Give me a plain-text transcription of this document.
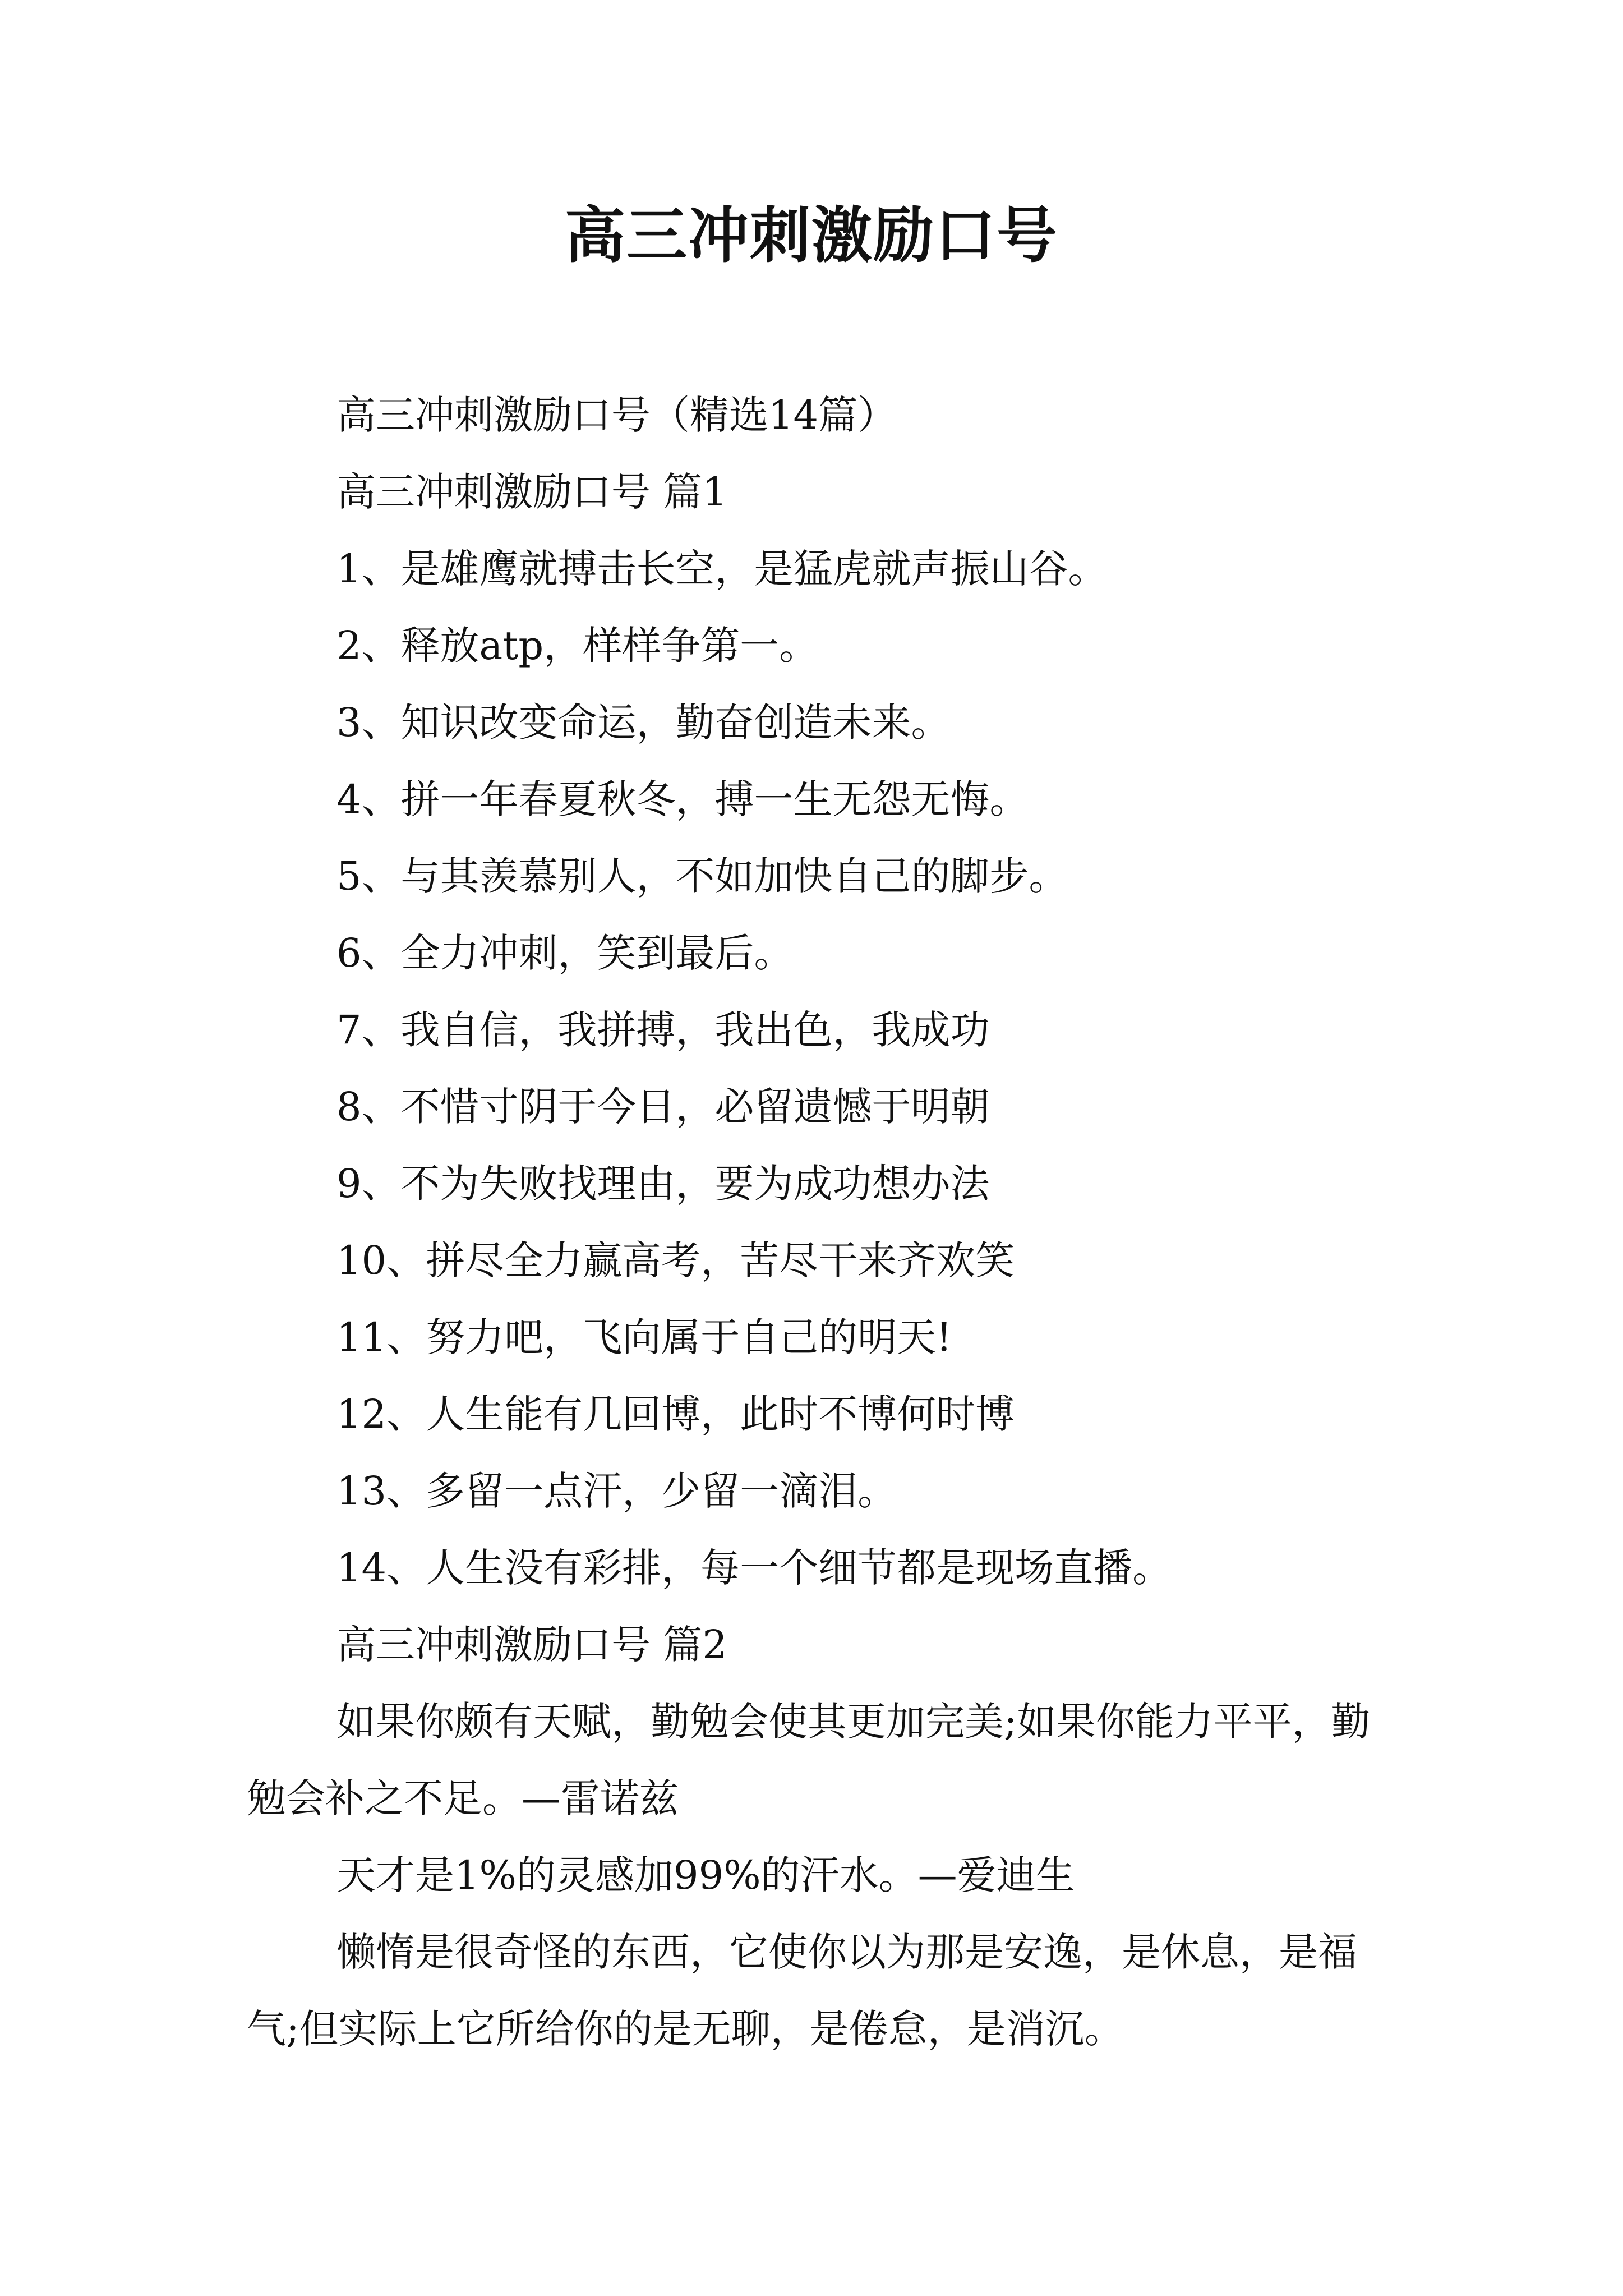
高三冲刺激励口号
高三冲刺激励口号（精选14篇）
高三冲刺激励口号 篇1
1、是雄鹰就搏击长空，是猛虎就声振山谷。
2、释放atp，样样争第一。
3、知识改变命运，勤奋创造未来。
4、拼一年春夏秋冬，搏一生无怨无悔。
5、与其羡慕别人，不如加快自己的脚步。
6、全力冲刺，笑到最后。
7、我自信，我拼搏，我出色，我成功
8、不惜寸阴于今日，必留遗憾于明朝
9、不为失败找理由，要为成功想办法
10、拼尽全力赢高考，苦尽干来齐欢笑
11、努力吧，飞向属于自己的明天!
12、人生能有几回博，此时不博何时博
13、多留一点汗，少留一滴泪。
14、人生没有彩排，每一个细节都是现场直播。
高三冲刺激励口号 篇2
如果你颇有天赋，勤勉会使其更加完美;如果你能力平平，勤勉会补之不足。—雷诺兹
天才是1%的灵感加99%的汗水。—爱迪生
懒惰是很奇怪的东西，它使你以为那是安逸，是休息，是福气;但实际上它所给你的是无聊，是倦怠，是消沉。
